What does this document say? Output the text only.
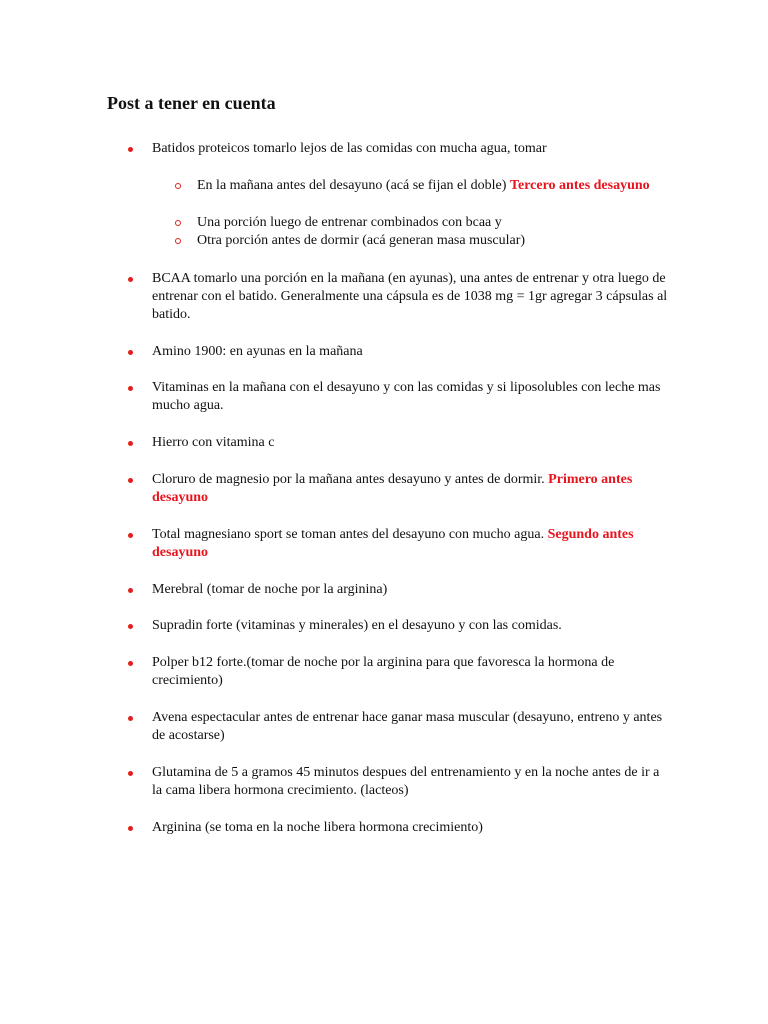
Post a tener en cuenta
Batidos proteicos tomarlo lejos de las comidas con mucha agua, tomar
En la mañana antes del desayuno (acá se fijan el doble) Tercero antes desayuno
Una porción luego de entrenar combinados con bcaa y
Otra porción antes de dormir (acá generan masa muscular)
BCAA tomarlo una porción en la mañana (en ayunas), una antes de entrenar y otra luego de entrenar con el batido. Generalmente una cápsula es de 1038 mg = 1gr agregar 3 cápsulas al batido.
Amino 1900: en ayunas en la mañana
Vitaminas en la mañana con el desayuno y con las comidas y si liposolubles con leche mas mucho agua.
Hierro con vitamina c
Cloruro de magnesio por la mañana antes desayuno y antes de dormir. Primero antes desayuno
Total magnesiano sport se toman antes del desayuno con mucho agua. Segundo antes desayuno
Merebral (tomar de noche por la arginina)
Supradin forte (vitaminas y minerales) en el desayuno y con las comidas.
Polper b12 forte.(tomar de noche por la arginina para que favoresca la hormona de crecimiento)
Avena espectacular antes de entrenar hace ganar masa muscular (desayuno, entreno y antes de acostarse)
Glutamina de 5 a gramos 45 minutos despues del entrenamiento y en la noche antes de ir a la cama libera hormona crecimiento. (lacteos)
Arginina (se toma en la noche libera hormona crecimiento)
